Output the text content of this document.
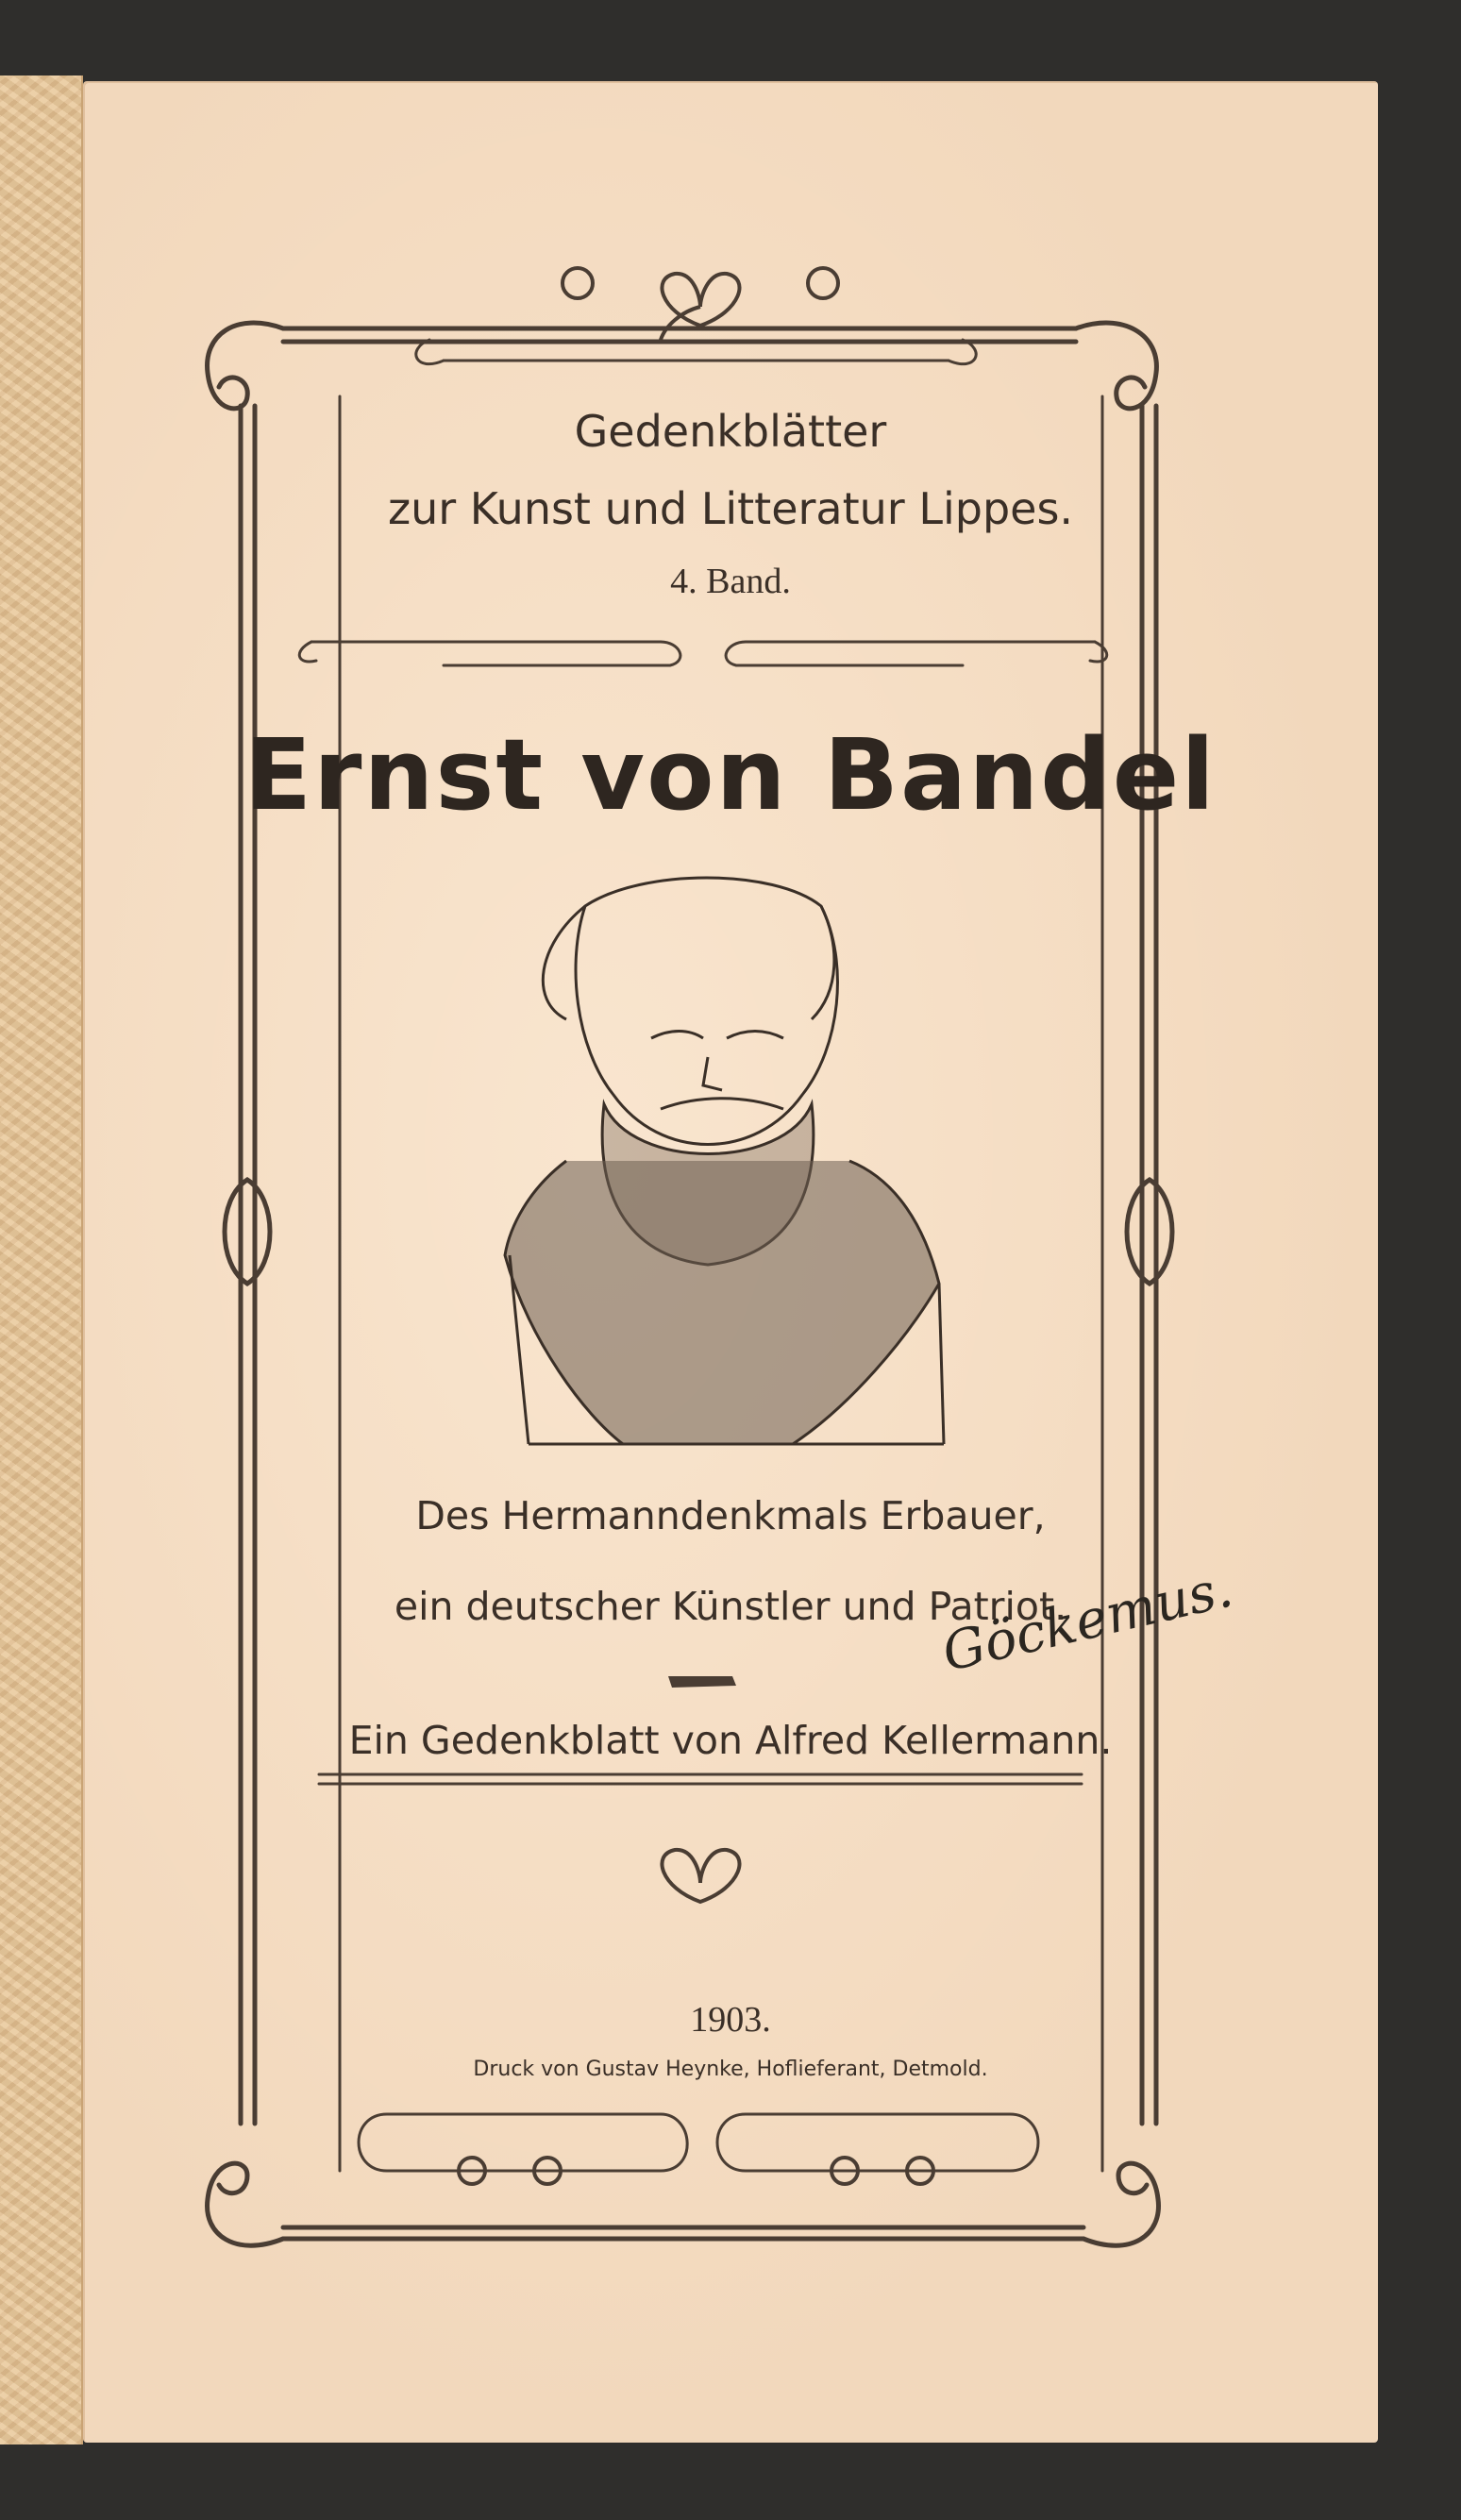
Gedenkblätter
zur Kunst und Litteratur Lippes.
4. Band.
Ernst von Bandel
Des Hermanndenkmals Erbauer,
ein deutscher Künstler und Patriot.
Ein Gedenkblatt von Alfred Kellermann.
1903.
Druck von Gustav Heynke, Hoflieferant, Detmold.
Göckemus.
